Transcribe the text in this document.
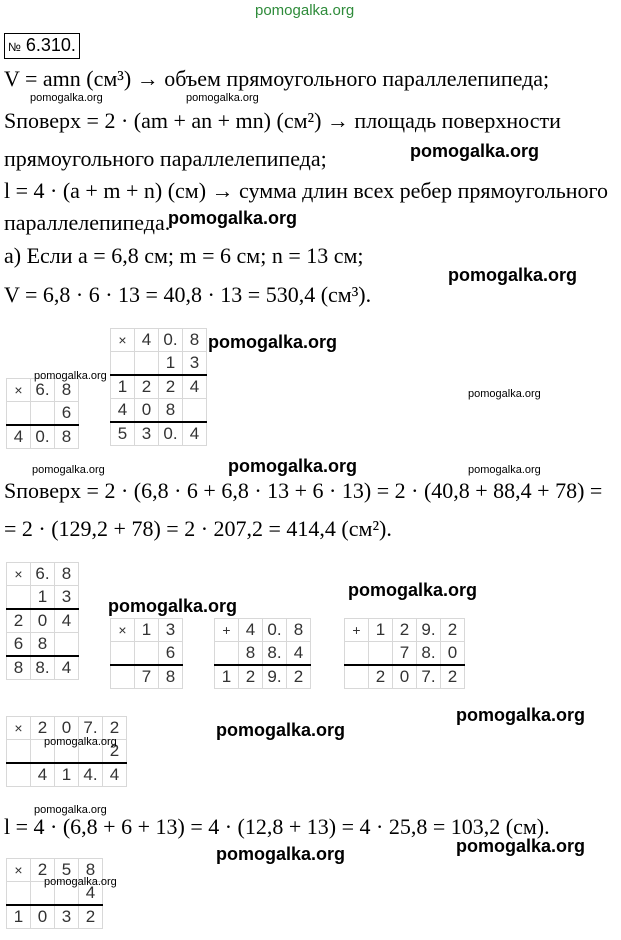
pomogalka.org
№ 6.310.
V = amn (см³) → объем прямоугольного параллелепипеда;
pomogalka.org	pomogalka.org
Sповерх = 2 · (am + an + mn) (см²) → площадь поверхности
прямоугольного параллелепипеда;	pomogalka.org
l = 4 · (a + m + n) (см) → сумма длин всех ребер прямоугольного
параллелепипеда.
pomogalka.org
а) Если a = 6,8 см; m = 6 см; n = 13 см;
pomogalka.org
V = 6,8 · 6 · 13 = 40,8 · 13 = 530,4 (см³).
×	6.	8
		6
4	0.	8
×	4	0.	8
		1	3
1	2	2	4
4	0	8	
5	3	0.	4
pomogalka.org
pomogalka.org
pomogalka.org
pomogalka.org	pomogalka.org	pomogalka.org
Sповерх = 2 · (6,8 · 6 + 6,8 · 13 + 6 · 13) = 2 · (40,8 + 88,4 + 78) =
= 2 · (129,2 + 78) = 2 · 207,2 = 414,4 (см²).
×	6.	8
	1	3
2	0	4
6	8	
8	8.	4
×	1	3
		6
	7	8
+	4	0.	8
	8	8.	4
1	2	9.	2
+	1	2	9.	2
		7	8.	0
	2	0	7.	2
pomogalka.org
pomogalka.org
pomogalka.org
×	2	0	7.	2
				2
	4	1	4.	4
pomogalka.org
pomogalka.org
pomogalka.org
l = 4 · (6,8 + 6 + 13) = 4 · (12,8 + 13) = 4 · 25,8 = 103,2 (см).
pomogalka.org
pomogalka.org
×	2	5	8
			4
1	0	3	2
pomogalka.org
